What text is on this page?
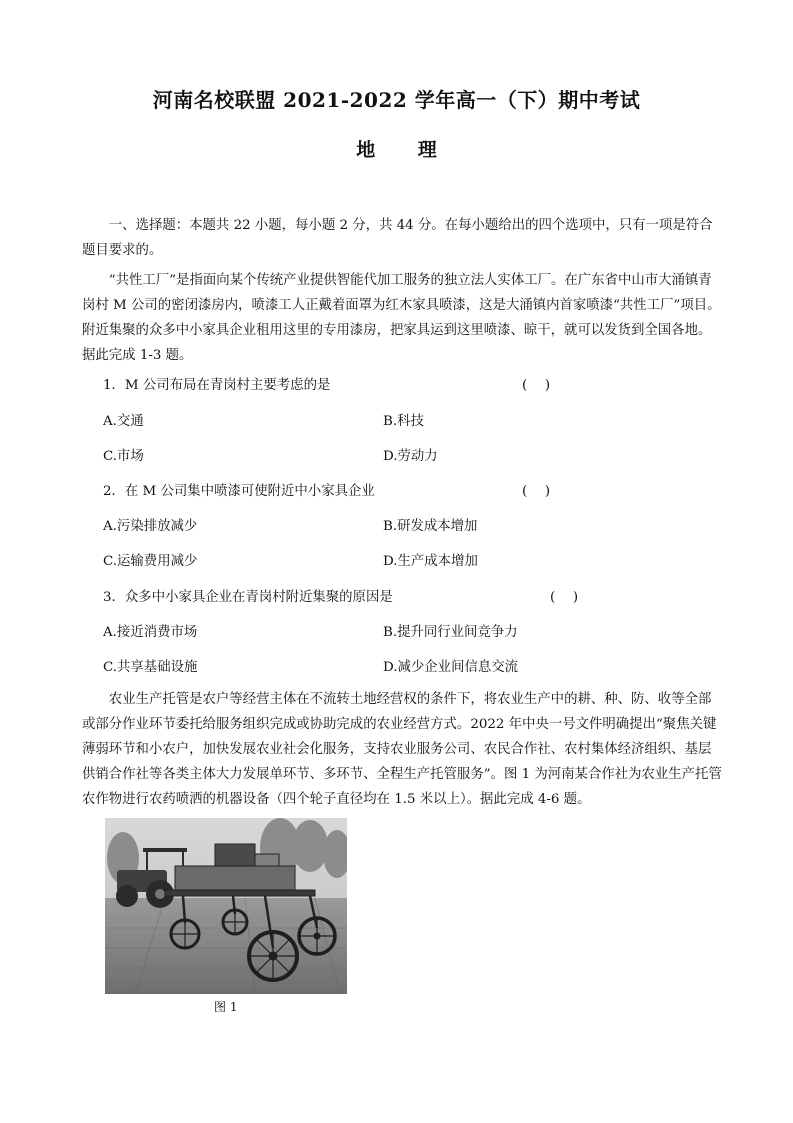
河南名校联盟 2021-2022 学年高一（下）期中考试
地 理

一、选择题：本题共 22 小题，每小题 2 分，共 44 分。在每小题给出的四个选项中，只有一项是符合题目要求的。

“共性工厂”是指面向某个传统产业提供智能代加工服务的独立法人实体工厂。在广东省中山市大涌镇青岗村 M 公司的密闭漆房内，喷漆工人正戴着面罩为红木家具喷漆，这是大涌镇内首家喷漆“共性工厂”项目。附近集聚的众多中小家具企业租用这里的专用漆房，把家具运到这里喷漆、晾干，就可以发货到全国各地。据此完成 1-3 题。

1．M 公司布局在青岗村主要考虑的是	(　 )
A.交通	B.科技
C.市场	D.劳动力
2．在 M 公司集中喷漆可使附近中小家具企业	(　 )
A.污染排放减少	B.研发成本增加
C.运输费用减少	D.生产成本增加
3．众多中小家具企业在青岗村附近集聚的原因是	(　 )
A.接近消费市场	B.提升同行业间竞争力
C.共享基础设施	D.减少企业间信息交流

农业生产托管是农户等经营主体在不流转土地经营权的条件下，将农业生产中的耕、种、防、收等全部或部分作业环节委托给服务组织完成或协助完成的农业经营方式。2022 年中央一号文件明确提出“聚焦关键薄弱环节和小农户，加快发展农业社会化服务，支持农业服务公司、农民合作社、农村集体经济组织、基层供销合作社等各类主体大力发展单环节、多环节、全程生产托管服务”。图 1 为河南某合作社为农业生产托管农作物进行农药喷洒的机器设备（四个轮子直径均在 1.5 米以上）。据此完成 4-6 题。

图 1
